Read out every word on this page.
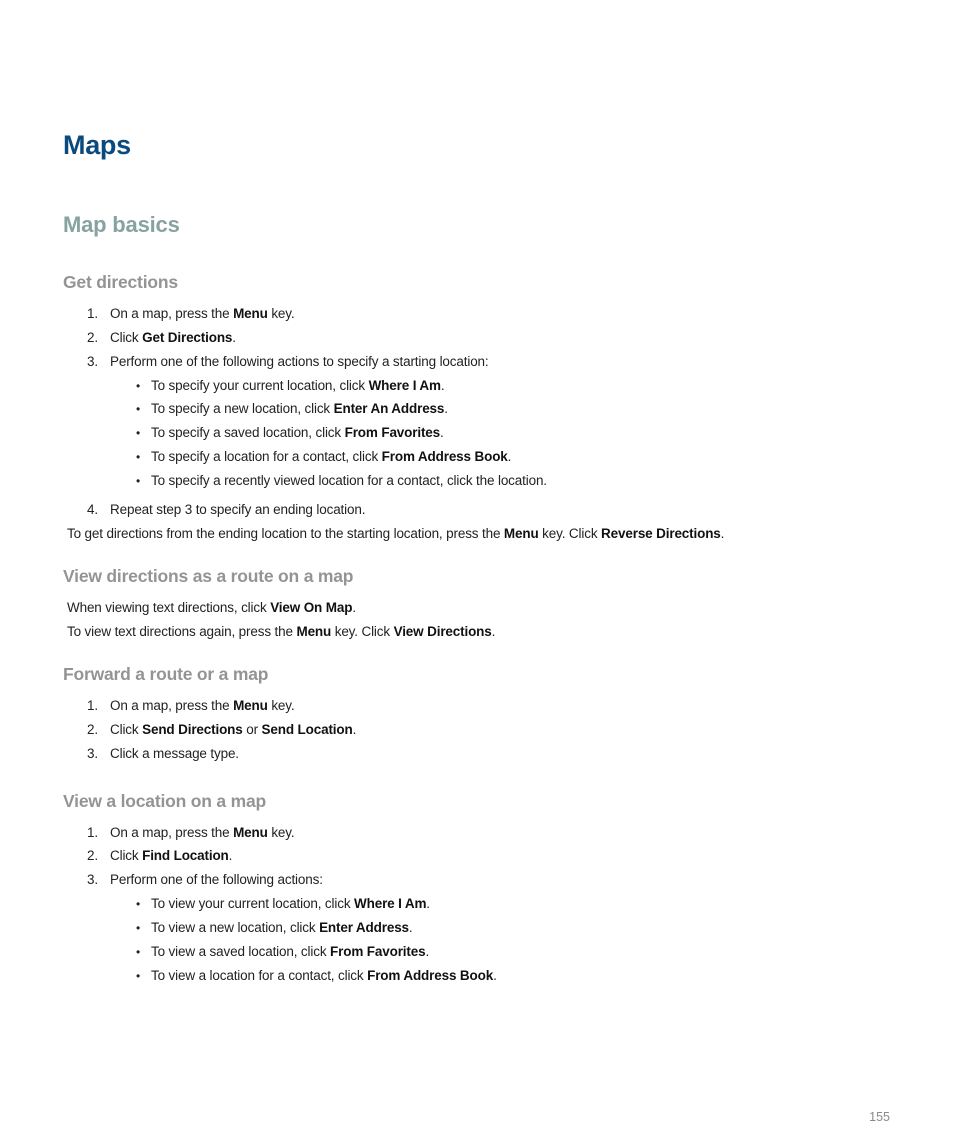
Maps
Map basics
Get directions
1. On a map, press the Menu key.
2. Click Get Directions.
3. Perform one of the following actions to specify a starting location:
• To specify your current location, click Where I Am.
• To specify a new location, click Enter An Address.
• To specify a saved location, click From Favorites.
• To specify a location for a contact, click From Address Book.
• To specify a recently viewed location for a contact, click the location.
4. Repeat step 3 to specify an ending location.

To get directions from the ending location to the starting location, press the Menu key. Click Reverse Directions.

View directions as a route on a map

When viewing text directions, click View On Map.

To view text directions again, press the Menu key. Click View Directions.

Forward a route or a map
1. On a map, press the Menu key.
2. Click Send Directions or Send Location.
3. Click a message type.
View a location on a map
1. On a map, press the Menu key.
2. Click Find Location.
3. Perform one of the following actions:
• To view your current location, click Where I Am.
• To view a new location, click Enter Address.
• To view a saved location, click From Favorites.
• To view a location for a contact, click From Address Book.
155
